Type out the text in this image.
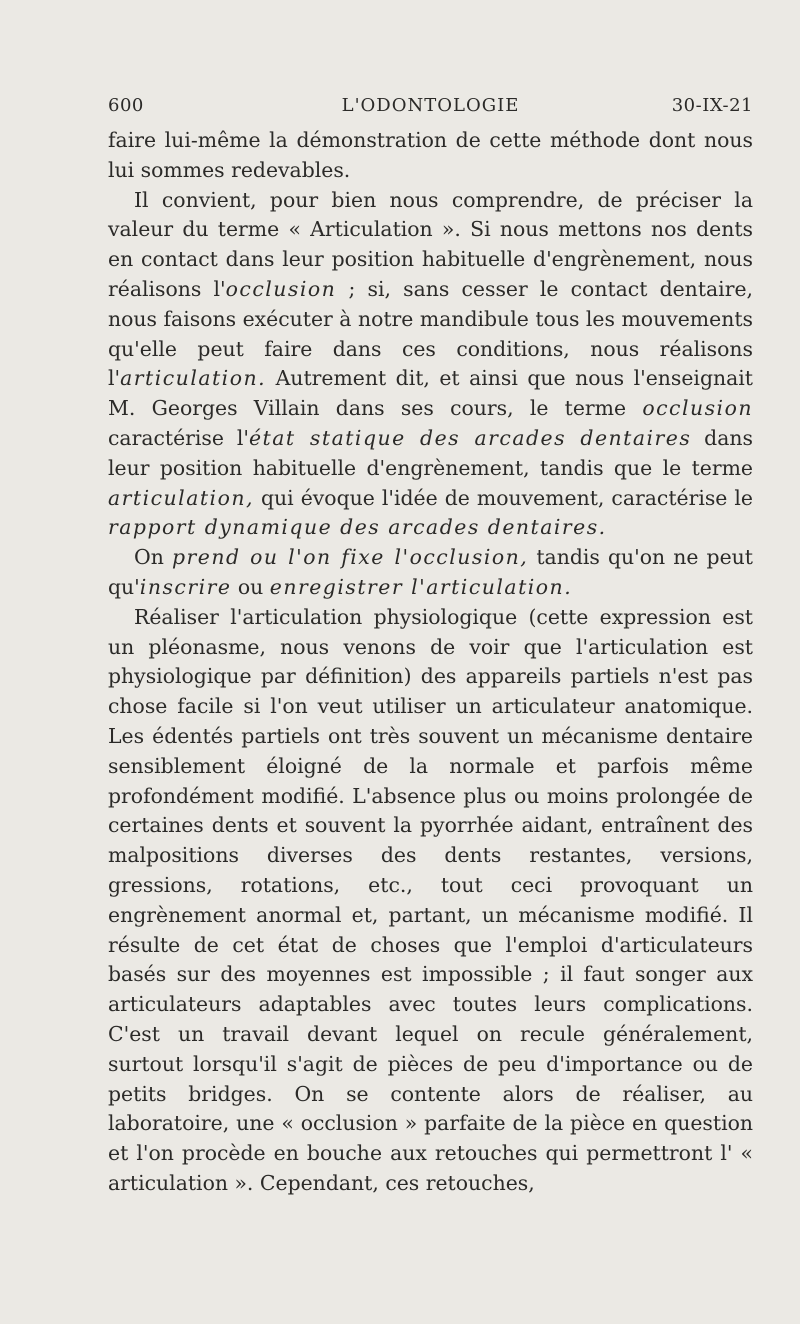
600	L'ODONTOLOGIE	30-IX-21

faire lui-même la démonstration de cette méthode dont nous lui sommes redevables.

Il convient, pour bien nous comprendre, de préciser la valeur du terme « Articulation ». Si nous mettons nos dents en contact dans leur position habituelle d'engrènement, nous réalisons l'occlusion ; si, sans cesser le contact dentaire, nous faisons exécuter à notre mandibule tous les mouvements qu'elle peut faire dans ces conditions, nous réalisons l'articulation. Autrement dit, et ainsi que nous l'enseignait M. Georges Villain dans ses cours, le terme occlusion caractérise l'état statique des arcades dentaires dans leur position habituelle d'engrènement, tandis que le terme articulation, qui évoque l'idée de mouvement, caractérise le rapport dynamique des arcades dentaires.

On prend ou l'on fixe l'occlusion, tandis qu'on ne peut qu'inscrire ou enregistrer l'articulation.

Réaliser l'articulation physiologique (cette expression est un pléonasme, nous venons de voir que l'articulation est physiologique par définition) des appareils partiels n'est pas chose facile si l'on veut utiliser un articulateur anatomique. Les édentés partiels ont très souvent un mécanisme dentaire sensiblement éloigné de la normale et parfois même profondément modifié. L'absence plus ou moins prolongée de certaines dents et souvent la pyorrhée aidant, entraînent des malpositions diverses des dents restantes, versions, gressions, rotations, etc., tout ceci provoquant un engrènement anormal et, partant, un mécanisme modifié. Il résulte de cet état de choses que l'emploi d'articulateurs basés sur des moyennes est impossible ; il faut songer aux articulateurs adaptables avec toutes leurs complications. C'est un travail devant lequel on recule généralement, surtout lorsqu'il s'agit de pièces de peu d'importance ou de petits bridges. On se contente alors de réaliser, au laboratoire, une « occlusion » parfaite de la pièce en question et l'on procède en bouche aux retouches qui permettront l' « articulation ». Cependant, ces retouches,
